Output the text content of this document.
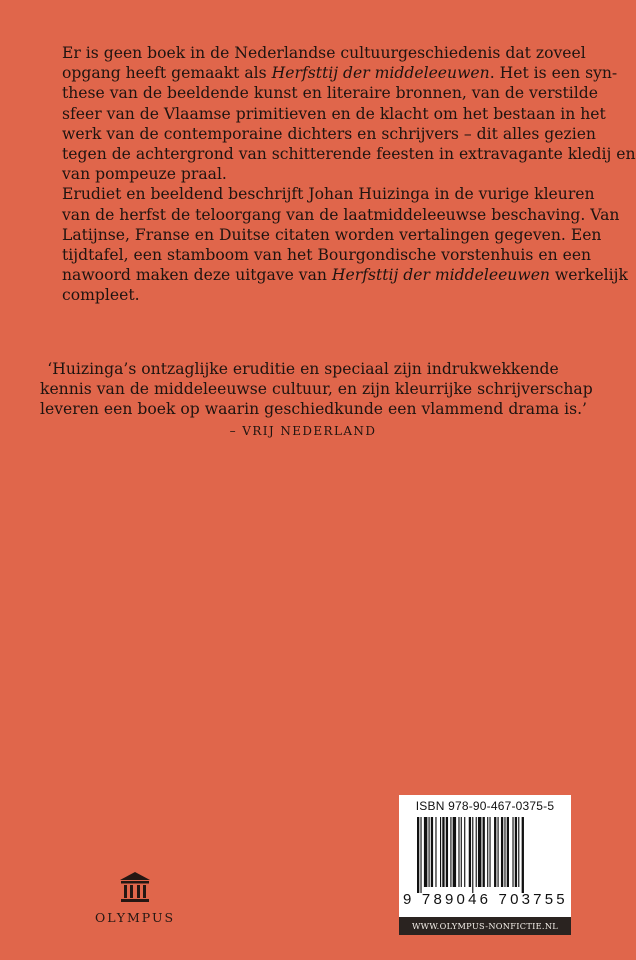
Er is geen boek in de Nederlandse cultuurgeschiedenis dat zoveel
opgang heeft gemaakt als Herfsttij der middeleeuwen. Het is een syn-
these van de beeldende kunst en literaire bronnen, van de verstilde
sfeer van de Vlaamse primitieven en de klacht om het bestaan in het
werk van de contemporaine dichters en schrijvers – dit alles gezien
tegen de achtergrond van schitterende feesten in extravagante kledij en
van pompeuze praal.
Erudiet en beeldend beschrijft Johan Huizinga in de vurige kleuren
van de herfst de teloorgang van de laatmiddeleeuwse beschaving. Van
Latijnse, Franse en Duitse citaten worden vertalingen gegeven. Een
tijdtafel, een stamboom van het Bourgondische vorstenhuis en een
nawoord maken deze uitgave van Herfsttij der middeleeuwen werkelijk
compleet.
‘Huizinga’s ontzaglijke eruditie en speciaal zijn indrukwekkende
kennis van de middeleeuwse cultuur, en zijn kleurrijke schrijverschap
leveren een boek op waarin geschiedkunde een vlammend drama is.’
– VRIJ NEDERLAND
OLYMPUS
ISBN 978-90-467-0375-5
9 789046 703755
WWW.OLYMPUS-NONFICTIE.NL
